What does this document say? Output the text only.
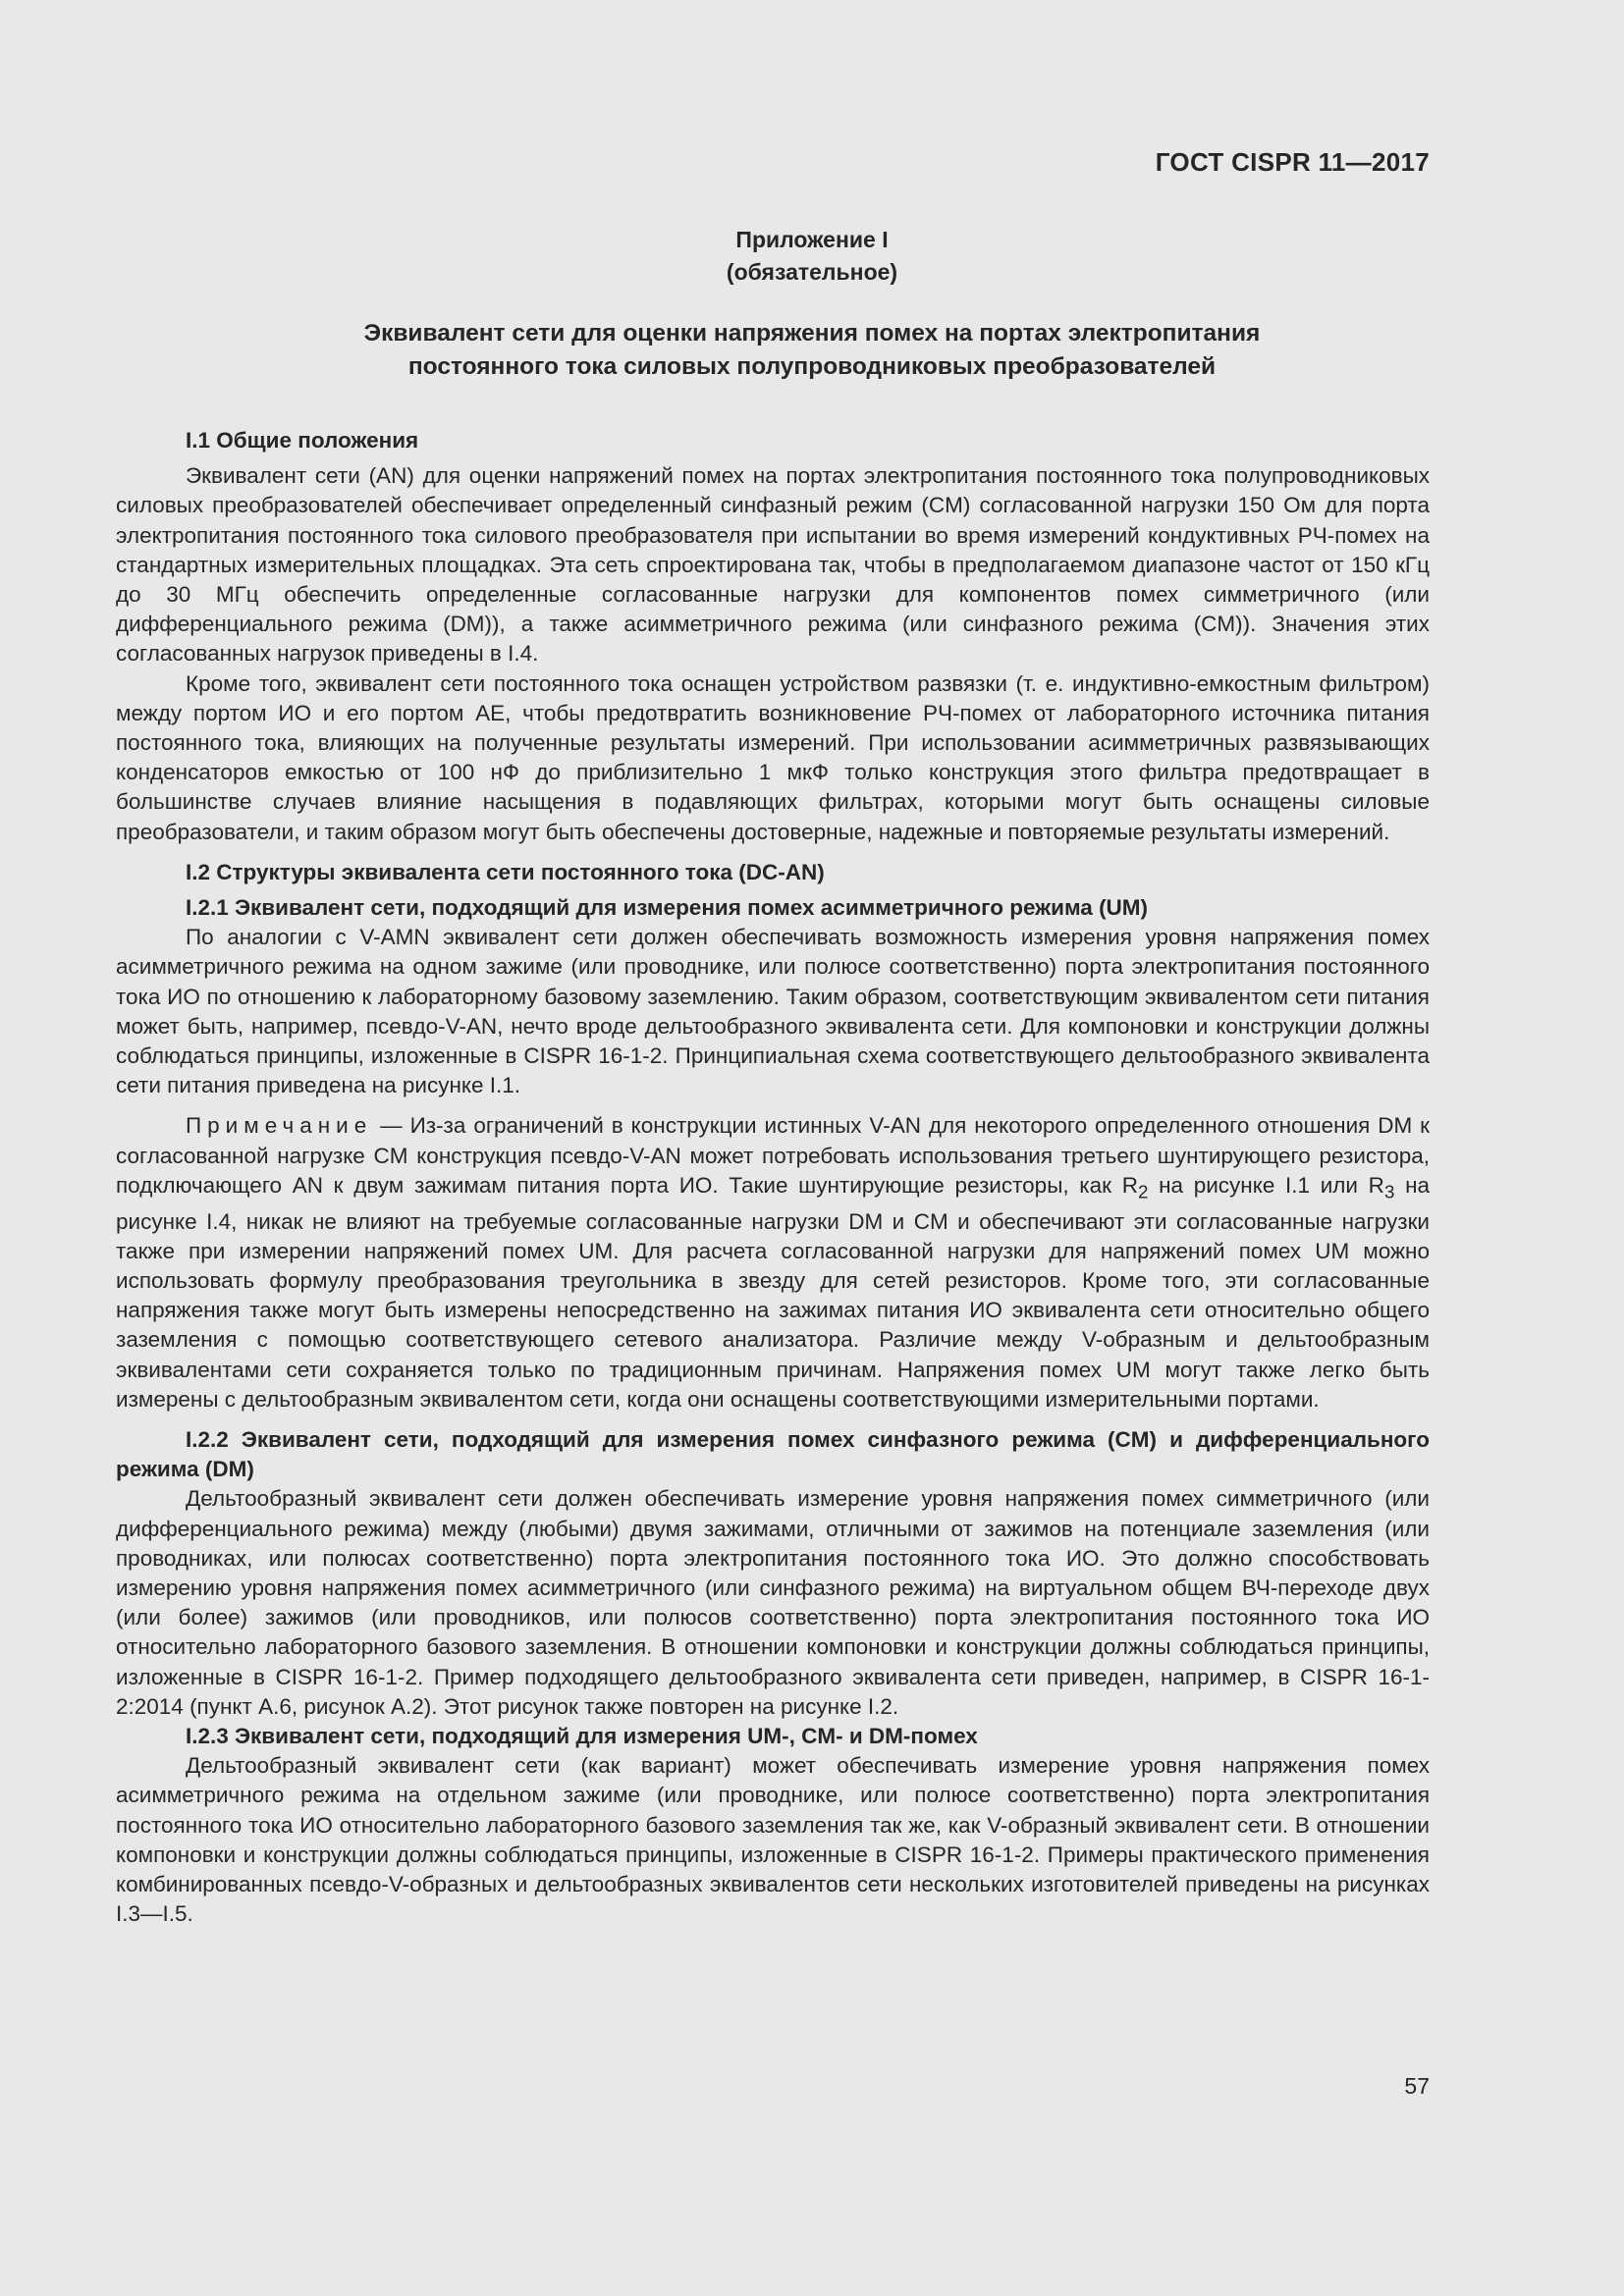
ГОСТ CISPR 11—2017
Приложение I
(обязательное)
Эквивалент сети для оценки напряжения помех на портах электропитания
постоянного тока силовых полупроводниковых преобразователей
I.1 Общие положения

Эквивалент сети (AN) для оценки напряжений помех на портах электропитания постоянного тока полупроводниковых силовых преобразователей обеспечивает определенный синфазный режим (CM) согласованной нагрузки 150 Ом для порта электропитания постоянного тока силового преобразователя при испытании во время измерений кондуктивных РЧ-помех на стандартных измерительных площадках. Эта сеть спроектирована так, чтобы в предполагаемом диапазоне частот от 150 кГц до 30 МГц обеспечить определенные согласованные нагрузки для компонентов помех симметричного (или дифференциального режима (DM)), а также асимметричного режима (или синфазного режима (CM)). Значения этих согласованных нагрузок приведены в I.4.

Кроме того, эквивалент сети постоянного тока оснащен устройством развязки (т. е. индуктивно-емкостным фильтром) между портом ИО и его портом AE, чтобы предотвратить возникновение РЧ-помех от лабораторного источника питания постоянного тока, влияющих на полученные результаты измерений. При использовании асимметричных развязывающих конденсаторов емкостью от 100 нФ до приблизительно 1 мкФ только конструкция этого фильтра предотвращает в большинстве случаев влияние насыщения в подавляющих фильтрах, которыми могут быть оснащены силовые преобразователи, и таким образом могут быть обеспечены достоверные, надежные и повторяемые результаты измерений.

I.2 Структуры эквивалента сети постоянного тока (DC-AN)
I.2.1 Эквивалент сети, подходящий для измерения помех асимметричного режима (UM)

По аналогии с V-AMN эквивалент сети должен обеспечивать возможность измерения уровня напряжения помех асимметричного режима на одном зажиме (или проводнике, или полюсе соответственно) порта электропитания постоянного тока ИО по отношению к лабораторному базовому заземлению. Таким образом, соответствующим эквивалентом сети питания может быть, например, псевдо-V-AN, нечто вроде дельтообразного эквивалента сети. Для компоновки и конструкции должны соблюдаться принципы, изложенные в CISPR 16-1-2. Принципиальная схема соответствующего дельтообразного эквивалента сети питания приведена на рисунке I.1.

Примечание — Из-за ограничений в конструкции истинных V-AN для некоторого определенного отношения DM к согласованной нагрузке CM конструкция псевдо-V-AN может потребовать использования третьего шунтирующего резистора, подключающего AN к двум зажимам питания порта ИО. Такие шунтирующие резисторы, как $R_2$ на рисунке I.1 или $R_3$ на рисунке I.4, никак не влияют на требуемые согласованные нагрузки DM и CM и обеспечивают эти согласованные нагрузки также при измерении напряжений помех UM. Для расчета согласованной нагрузки для напряжений помех UM можно использовать формулу преобразования треугольника в звезду для сетей резисторов. Кроме того, эти согласованные напряжения также могут быть измерены непосредственно на зажимах питания ИО эквивалента сети относительно общего заземления с помощью соответствующего сетевого анализатора. Различие между V-образным и дельтообразным эквивалентами сети сохраняется только по традиционным причинам. Напряжения помех UM могут также легко быть измерены с дельтообразным эквивалентом сети, когда они оснащены соответствующими измерительными портами.

I.2.2 Эквивалент сети, подходящий для измерения помех синфазного режима (CM) и дифференциального режима (DM)

Дельтообразный эквивалент сети должен обеспечивать измерение уровня напряжения помех симметричного (или дифференциального режима) между (любыми) двумя зажимами, отличными от зажимов на потенциале заземления (или проводниках, или полюсах соответственно) порта электропитания постоянного тока ИО. Это должно способствовать измерению уровня напряжения помех асимметричного (или синфазного режима) на виртуальном общем ВЧ-переходе двух (или более) зажимов (или проводников, или полюсов соответственно) порта электропитания постоянного тока ИО относительно лабораторного базового заземления. В отношении компоновки и конструкции должны соблюдаться принципы, изложенные в CISPR 16-1-2. Пример подходящего дельтообразного эквивалента сети приведен, например, в CISPR 16-1-2:2014 (пункт A.6, рисунок A.2). Этот рисунок также повторен на рисунке I.2.

I.2.3 Эквивалент сети, подходящий для измерения UM-, CM- и DM-помех

Дельтообразный эквивалент сети (как вариант) может обеспечивать измерение уровня напряжения помех асимметричного режима на отдельном зажиме (или проводнике, или полюсе соответственно) порта электропитания постоянного тока ИО относительно лабораторного базового заземления так же, как V-образный эквивалент сети. В отношении компоновки и конструкции должны соблюдаться принципы, изложенные в CISPR 16-1-2. Примеры практического применения комбинированных псевдо-V-образных и дельтообразных эквивалентов сети нескольких изготовителей приведены на рисунках I.3—I.5.

57
